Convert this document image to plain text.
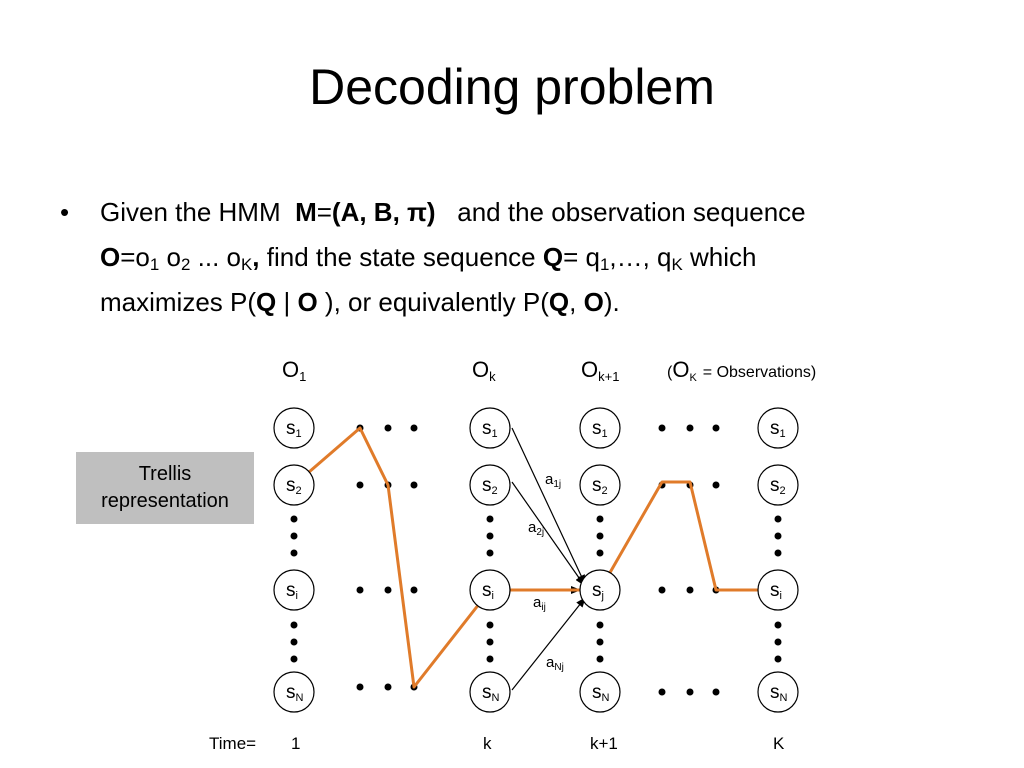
Decoding problem
• Given the HMM M=(A, B, π) and the observation sequence
$O=o_1$ $o_2$ ... $o_K$, find the state sequence $Q= q_1,\dots$, $q_K$ which
maximizes P(Q | O ), or equivalently P(Q, O).
Trellis
representation
O1	Ok	Ok+1	($O_K$ = Observations)
$a_{1j}$
$a_{2j}$
$a_{ij}$
$a_{Nj}$
s1
s2
si
sN
s1
s2
si
sN
s1
s2
sj
sN
s1
s2
si
sN
Time= 1	k	k+1	K
